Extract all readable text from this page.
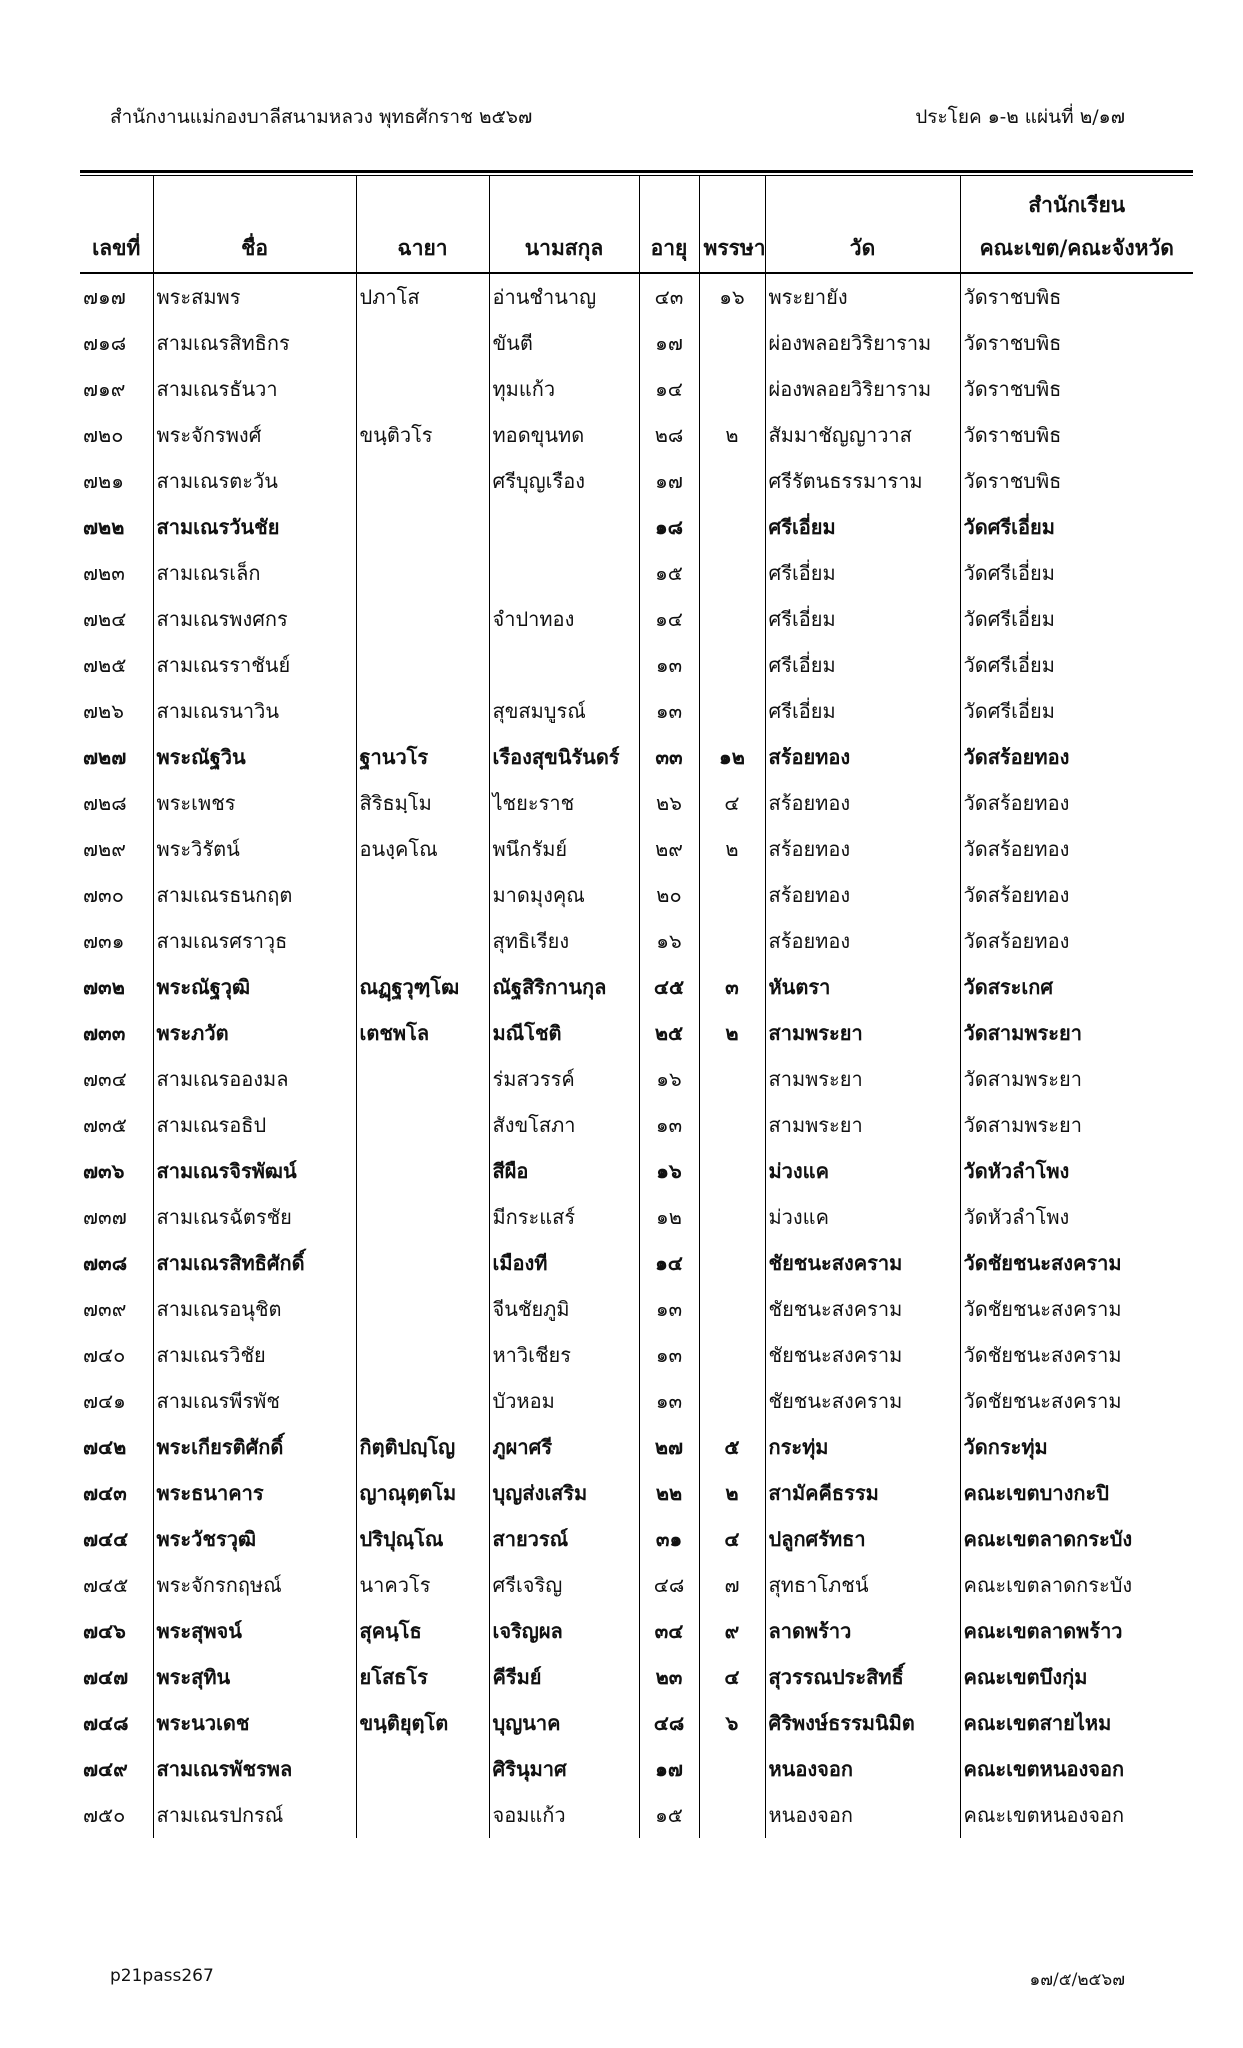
สำนักงานแม่กองบาลีสนามหลวง พุทธศักราช ๒๕๖๗	ประโยค ๑-๒ แผ่นที่ ๒/๑๗
							สำนักเรียน
เลขที่	ชื่อ	ฉายา	นามสกุล	อายุ	พรรษา	วัด	คณะเขต/คณะจังหวัด
๗๑๗	พระสมพร	ปภาโส	อ่านชำนาญ	๔๓	๑๖	พระยายัง	วัดราชบพิธ
๗๑๘	สามเณรสิทธิกร		ขันตี	๑๗		ผ่องพลอยวิริยาราม	วัดราชบพิธ
๗๑๙	สามเณรธันวา		ทุมแก้ว	๑๔		ผ่องพลอยวิริยาราม	วัดราชบพิธ
๗๒๐	พระจักรพงศ์	ขนฺติวโร	ทอดขุนทด	๒๘	๒	สัมมาชัญญาวาส	วัดราชบพิธ
๗๒๑	สามเณรตะวัน		ศรีบุญเรือง	๑๗		ศรีรัตนธรรมาราม	วัดราชบพิธ
๗๒๒	สามเณรวันชัย			๑๘		ศรีเอี่ยม	วัดศรีเอี่ยม
๗๒๓	สามเณรเล็ก			๑๕		ศรีเอี่ยม	วัดศรีเอี่ยม
๗๒๔	สามเณรพงศกร		จำปาทอง	๑๔		ศรีเอี่ยม	วัดศรีเอี่ยม
๗๒๕	สามเณรราชันย์			๑๓		ศรีเอี่ยม	วัดศรีเอี่ยม
๗๒๖	สามเณรนาวิน		สุขสมบูรณ์	๑๓		ศรีเอี่ยม	วัดศรีเอี่ยม
๗๒๗	พระณัฐวิน	ฐานวโร	เรืองสุขนิรันดร์	๓๓	๑๒	สร้อยทอง	วัดสร้อยทอง
๗๒๘	พระเพชร	สิริธมฺโม	ไชยะราช	๒๖	๔	สร้อยทอง	วัดสร้อยทอง
๗๒๙	พระวิรัตน์	อนงฺคโณ	พนึกรัมย์	๒๙	๒	สร้อยทอง	วัดสร้อยทอง
๗๓๐	สามเณรธนกฤต		มาดมุงคุณ	๒๐		สร้อยทอง	วัดสร้อยทอง
๗๓๑	สามเณรศราวุธ		สุทธิเรียง	๑๖		สร้อยทอง	วัดสร้อยทอง
๗๓๒	พระณัฐวุฒิ	ณฏฺฐวุฑฺโฒ	ณัฐสิริกานกุล	๔๕	๓	หันตรา	วัดสระเกศ
๗๓๓	พระภวัต	เตชพโล	มณีโชติ	๒๕	๒	สามพระยา	วัดสามพระยา
๗๓๔	สามเณรอองมล		ร่มสวรรค์	๑๖		สามพระยา	วัดสามพระยา
๗๓๕	สามเณรอธิป		สังขโสภา	๑๓		สามพระยา	วัดสามพระยา
๗๓๖	สามเณรจิรพัฒน์		สีผือ	๑๖		ม่วงแค	วัดหัวลำโพง
๗๓๗	สามเณรฉัตรชัย		มีกระแสร์	๑๒		ม่วงแค	วัดหัวลำโพง
๗๓๘	สามเณรสิทธิศักดิ์		เมืองที	๑๔		ชัยชนะสงคราม	วัดชัยชนะสงคราม
๗๓๙	สามเณรอนุชิต		จีนชัยภูมิ	๑๓		ชัยชนะสงคราม	วัดชัยชนะสงคราม
๗๔๐	สามเณรวิชัย		หาวิเชียร	๑๓		ชัยชนะสงคราม	วัดชัยชนะสงคราม
๗๔๑	สามเณรพีรพัช		บัวหอม	๑๓		ชัยชนะสงคราม	วัดชัยชนะสงคราม
๗๔๒	พระเกียรติศักดิ์	กิตฺติปญฺโญ	ภูผาศรี	๒๗	๕	กระทุ่ม	วัดกระทุ่ม
๗๔๓	พระธนาคาร	ญาณุตฺตโม	บุญส่งเสริม	๒๒	๒	สามัคคีธรรม	คณะเขตบางกะปิ
๗๔๔	พระวัชรวุฒิ	ปริปุณฺโณ	สายวรณ์	๓๑	๔	ปลูกศรัทธา	คณะเขตลาดกระบัง
๗๔๕	พระจักรกฤษณ์	นาควโร	ศรีเจริญ	๔๘	๗	สุทธาโภชน์	คณะเขตลาดกระบัง
๗๔๖	พระสุพจน์	สุคนฺโธ	เจริญผล	๓๔	๙	ลาดพร้าว	คณะเขตลาดพร้าว
๗๔๗	พระสุทิน	ยโสธโร	คีรีมย์	๒๓	๔	สุวรรณประสิทธิ์	คณะเขตบึงกุ่ม
๗๔๘	พระนวเดช	ขนฺติยุตฺโต	บุญนาค	๔๘	๖	ศิริพงษ์ธรรมนิมิต	คณะเขตสายไหม
๗๔๙	สามเณรพัชรพล		ศิรินุมาศ	๑๗		หนองจอก	คณะเขตหนองจอก
๗๕๐	สามเณรปกรณ์		จอมแก้ว	๑๕		หนองจอก	คณะเขตหนองจอก
p21pass267	๑๗/๕/๒๕๖๗
